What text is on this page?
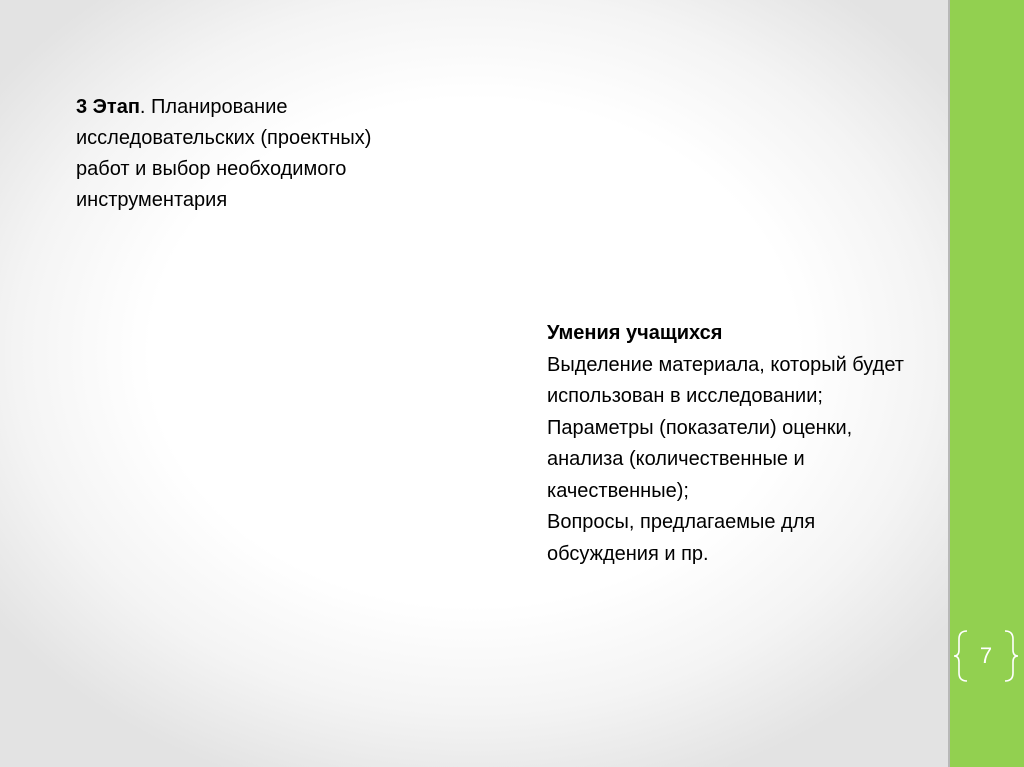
3 Этап. Планирование исследовательских (проектных) работ и выбор необходимого инструментария
Умения учащихся
Выделение материала, который будет использован в исследовании;
Параметры (показатели) оценки, анализа (количественные и качественные);
Вопросы, предлагаемые для обсуждения и пр.
7
